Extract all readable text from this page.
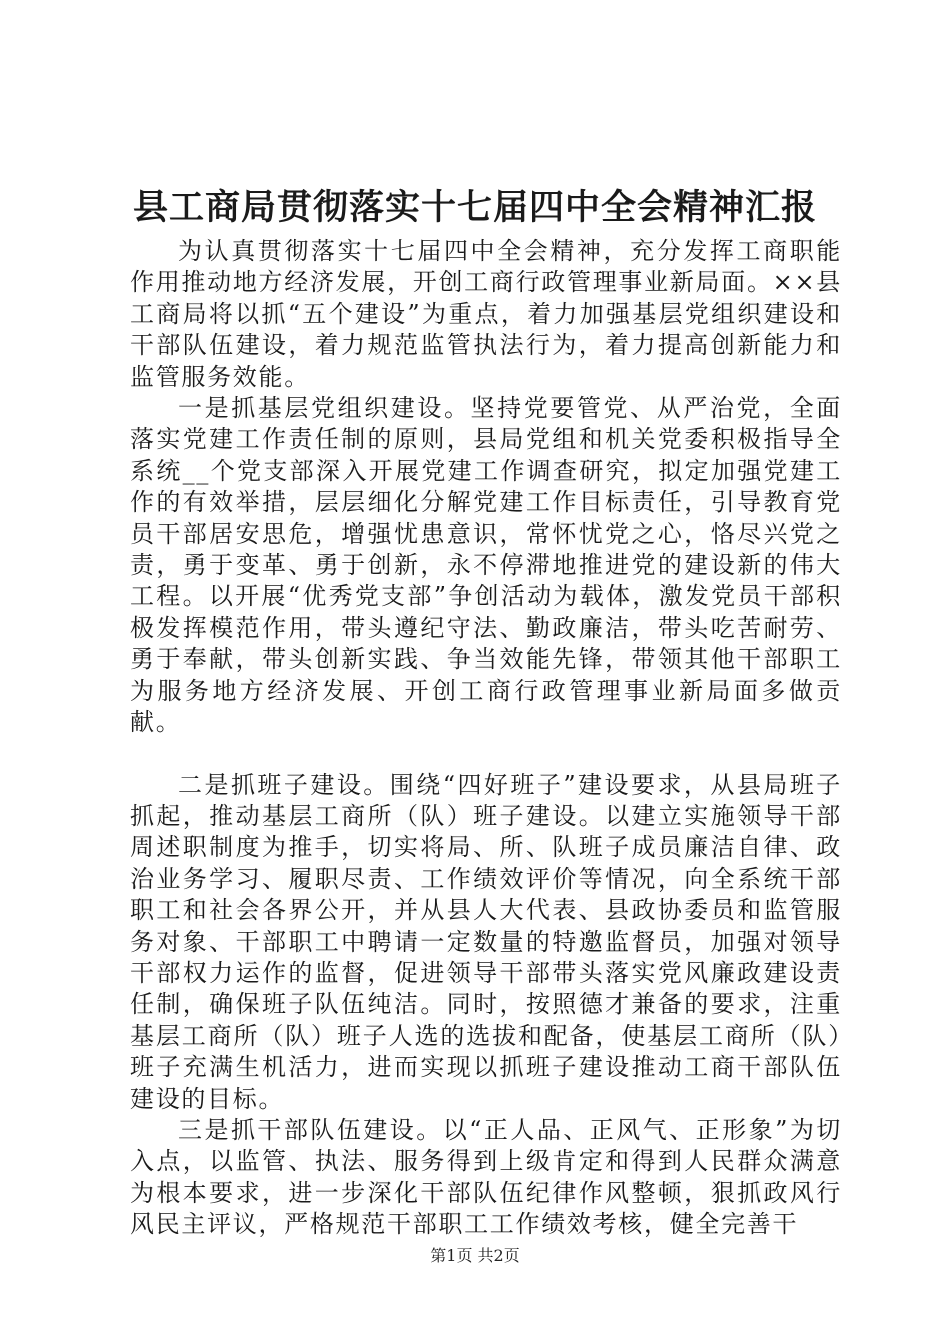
县工商局贯彻落实十七届四中全会精神汇报

为认真贯彻落实十七届四中全会精神，充分发挥工商职能作用推动地方经济发展，开创工商行政管理事业新局面。××县工商局将以抓“五个建设”为重点，着力加强基层党组织建设和干部队伍建设，着力规范监管执法行为，着力提高创新能力和监管服务效能。

一是抓基层党组织建设。坚持党要管党、从严治党，全面落实党建工作责任制的原则，县局党组和机关党委积极指导全系统__个党支部深入开展党建工作调查研究，拟定加强党建工作的有效举措，层层细化分解党建工作目标责任，引导教育党员干部居安思危，增强忧患意识，常怀忧党之心，恪尽兴党之责，勇于变革、勇于创新，永不停滞地推进党的建设新的伟大工程。以开展“优秀党支部”争创活动为载体，激发党员干部积极发挥模范作用，带头遵纪守法、勤政廉洁，带头吃苦耐劳、勇于奉献，带头创新实践、争当效能先锋，带领其他干部职工为服务地方经济发展、开创工商行政管理事业新局面多做贡献。

二是抓班子建设。围绕“四好班子”建设要求，从县局班子抓起，推动基层工商所（队）班子建设。以建立实施领导干部周述职制度为推手，切实将局、所、队班子成员廉洁自律、政治业务学习、履职尽责、工作绩效评价等情况，向全系统干部职工和社会各界公开，并从县人大代表、县政协委员和监管服务对象、干部职工中聘请一定数量的特邀监督员，加强对领导干部权力运作的监督，促进领导干部带头落实党风廉政建设责任制，确保班子队伍纯洁。同时，按照德才兼备的要求，注重基层工商所（队）班子人选的选拔和配备，使基层工商所（队）班子充满生机活力，进而实现以抓班子建设推动工商干部队伍建设的目标。

三是抓干部队伍建设。以“正人品、正风气、正形象”为切入点，以监管、执法、服务得到上级肯定和得到人民群众满意为根本要求，进一步深化干部队伍纪律作风整顿，狠抓政风行风民主评议，严格规范干部职工工作绩效考核，健全完善干

第1页 共2页
